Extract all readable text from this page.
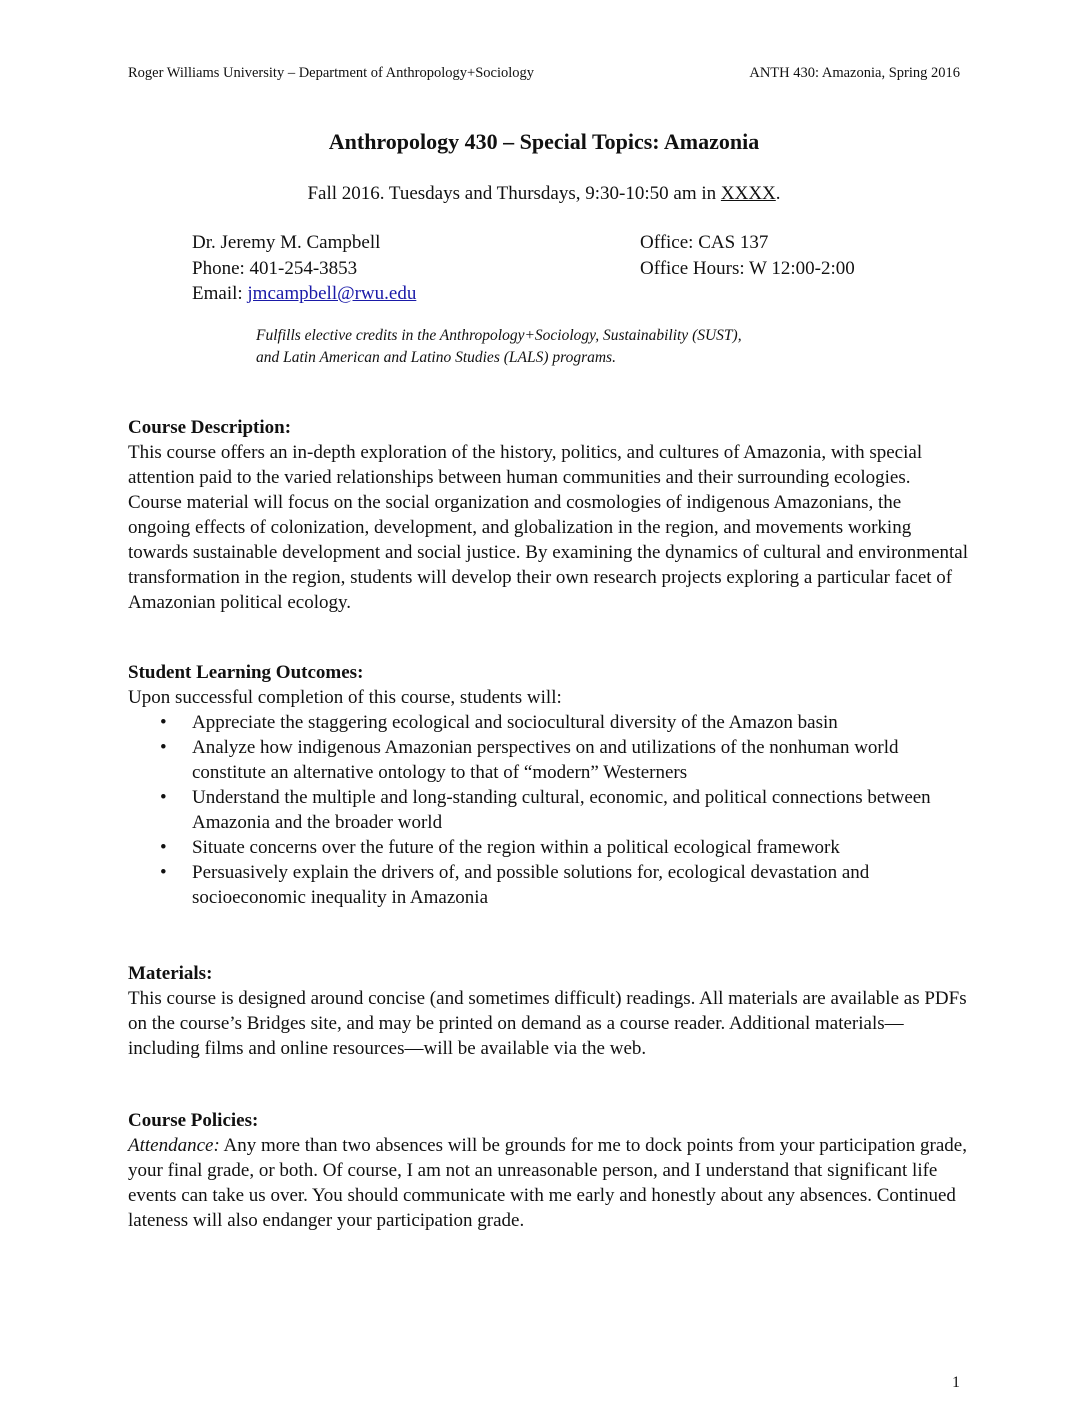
Roger Williams University – Department of Anthropology+Sociology	ANTH 430: Amazonia, Spring 2016
Anthropology 430 – Special Topics: Amazonia
Fall 2016. Tuesdays and Thursdays, 9:30-10:50 am in XXXX.
Dr. Jeremy M. Campbell
Phone: 401-254-3853
Email: jmcampbell@rwu.edu
Office: CAS 137
Office Hours: W 12:00-2:00
Fulfills elective credits in the Anthropology+Sociology, Sustainability (SUST),
and Latin American and Latino Studies (LALS) programs.
Course Description:

This course offers an in-depth exploration of the history, politics, and cultures of Amazonia, with special attention paid to the varied relationships between human communities and their surrounding ecologies. Course material will focus on the social organization and cosmologies of indigenous Amazonians, the ongoing effects of colonization, development, and globalization in the region, and movements working towards sustainable development and social justice. By examining the dynamics of cultural and environmental transformation in the region, students will develop their own research projects exploring a particular facet of Amazonian political ecology.

Student Learning Outcomes:

Upon successful completion of this course, students will:

• Appreciate the staggering ecological and sociocultural diversity of the Amazon basin
• Analyze how indigenous Amazonian perspectives on and utilizations of the nonhuman world constitute an alternative ontology to that of “modern” Westerners
• Understand the multiple and long-standing cultural, economic, and political connections between Amazonia and the broader world
• Situate concerns over the future of the region within a political ecological framework
• Persuasively explain the drivers of, and possible solutions for, ecological devastation and socioeconomic inequality in Amazonia
Materials:

This course is designed around concise (and sometimes difficult) readings. All materials are available as PDFs on the course’s Bridges site, and may be printed on demand as a course reader. Additional materials—including films and online resources—will be available via the web.

Course Policies:

Attendance: Any more than two absences will be grounds for me to dock points from your participation grade, your final grade, or both. Of course, I am not an unreasonable person, and I understand that significant life events can take us over. You should communicate with me early and honestly about any absences. Continued lateness will also endanger your participation grade.

1
